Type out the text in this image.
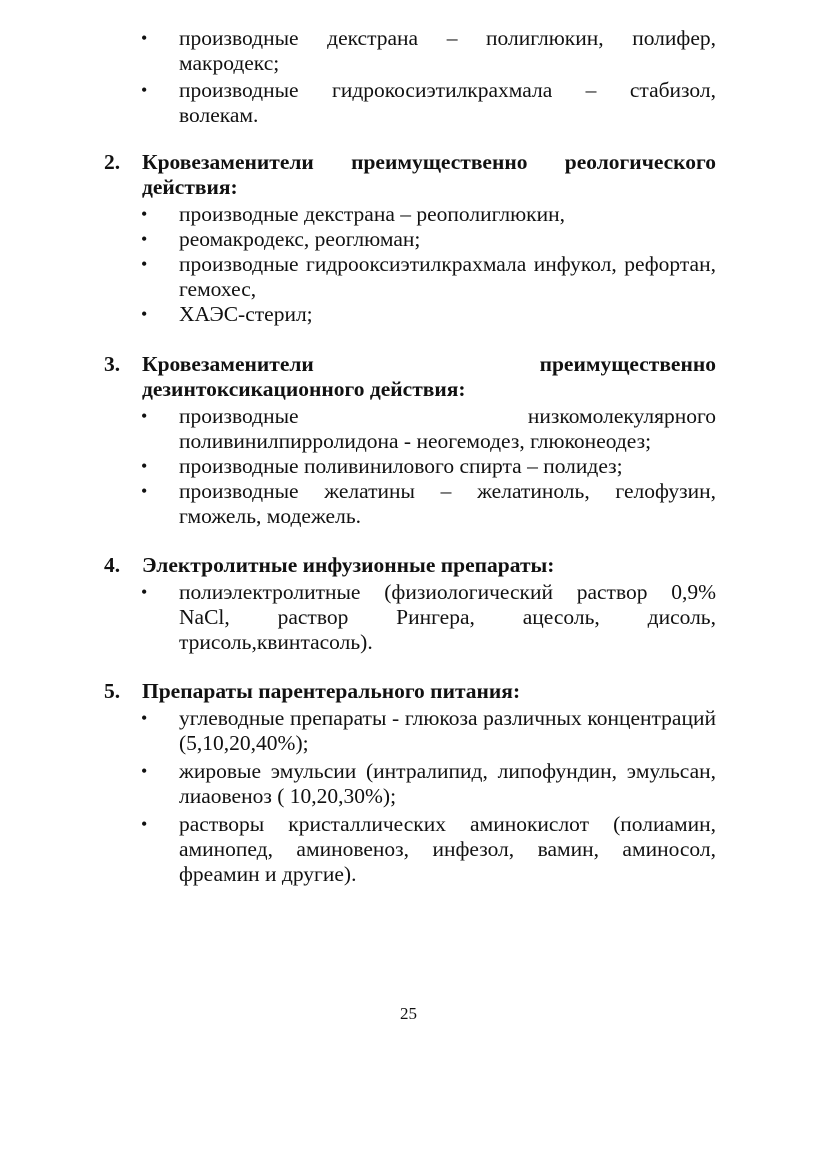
• производные декстрана – полиглюкин, полифер, макродекс;
• производные гидрокосиэтилкрахмала – стабизол, волекам.
2. Кровезаменители преимущественно реологического действия:
• производные декстрана – реополиглюкин,
• реомакродекс, реоглюман;
• производные гидрооксиэтилкрахмала инфукол, рефортан, гемохес,
• ХАЭС-стерил;
3. Кровезаменители преимущественно дезинтоксикационного действия:
• производные низкомолекулярного поливинилпирролидона - неогемодез, глюконеодез;
• производные поливинилового спирта – полидез;
• производные желатины – желатиноль, гелофузин, гможель, модежель.
4. Электролитные инфузионные препараты:
• полиэлектролитные (физиологический раствор 0,9% NaCl, раствор Рингера, ацесоль, дисоль, трисоль,квинтасоль).
5. Препараты парентерального питания:
• углеводные препараты - глюкоза различных концентраций (5,10,20,40%);
• жировые эмульсии (интралипид, липофундин, эмульсан, лиаовеноз ( 10,20,30%);
• растворы кристаллических аминокислот (полиамин, аминопед, аминовеноз, инфезол, вамин, аминосол, фреамин и другие).
25
